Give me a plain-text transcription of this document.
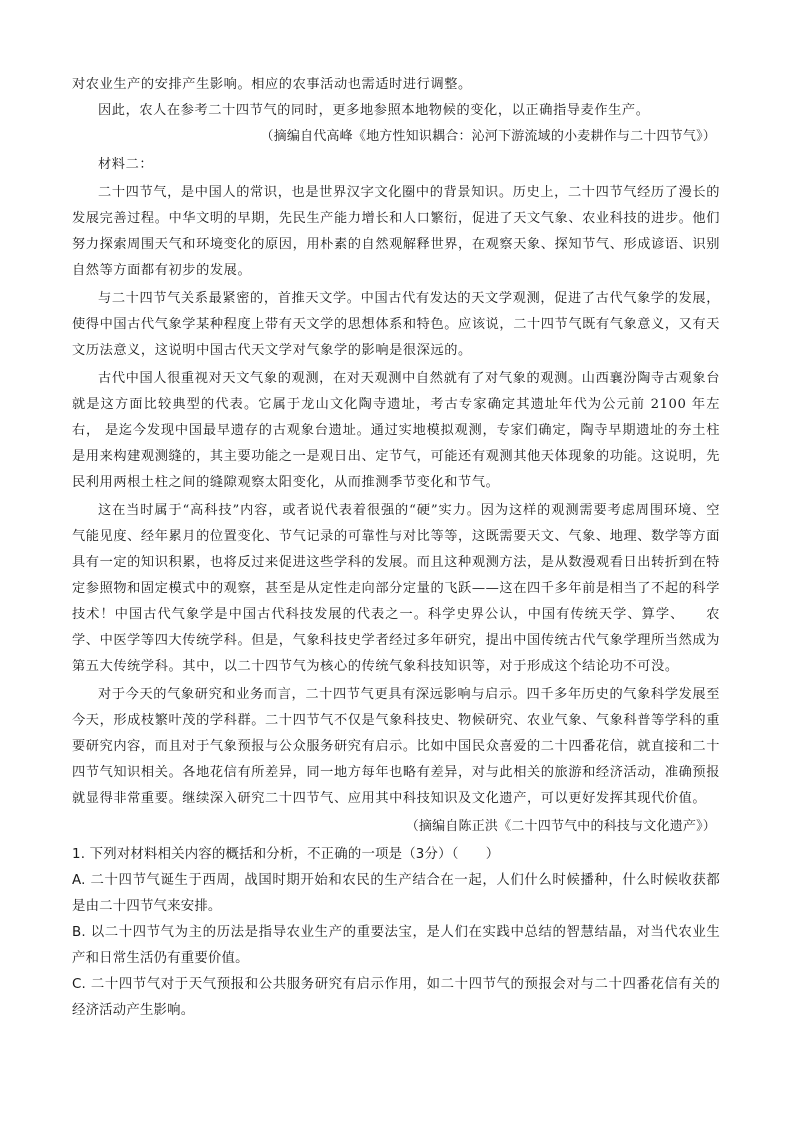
对农业生产的安排产生影响。相应的农事活动也需适时进行调整。

因此，农人在参考二十四节气的同时，更多地参照本地物候的变化，以正确指导麦作生产。

（摘编自代高峰《地方性知识耦合：沁河下游流域的小麦耕作与二十四节气》）

材料二：

二十四节气，是中国人的常识，也是世界汉字文化圈中的背景知识。历史上，二十四节气经历了漫长的发展完善过程。中华文明的早期，先民生产能力增长和人口繁衍，促进了天文气象、农业科技的进步。他们努力探索周围天气和环境变化的原因，用朴素的自然观解释世界，在观察天象、探知节气、形成谚语、识别自然等方面都有初步的发展。

与二十四节气关系最紧密的，首推天文学。中国古代有发达的天文学观测，促进了古代气象学的发展，使得中国古代气象学某种程度上带有天文学的思想体系和特色。应该说，二十四节气既有气象意义，又有天文历法意义，这说明中国古代天文学对气象学的影响是很深远的。

古代中国人很重视对天文气象的观测，在对天观测中自然就有了对气象的观测。山西襄汾陶寺古观象台就是这方面比较典型的代表。它属于龙山文化陶寺遗址，考古专家确定其遗址年代为公元前 2100 年左右， 是迄今发现中国最早遗存的古观象台遗址。通过实地模拟观测，专家们确定，陶寺早期遗址的夯土柱是用来构建观测缝的，其主要功能之一是观日出、定节气，可能还有观测其他天体现象的功能。这说明，先民利用两根土柱之间的缝隙观察太阳变化，从而推测季节变化和节气。

这在当时属于“高科技”内容，或者说代表着很强的“硬”实力。因为这样的观测需要考虑周围环境、空气能见度、经年累月的位置变化、节气记录的可靠性与对比等等，这既需要天文、气象、地理、数学等方面具有一定的知识积累，也将反过来促进这些学科的发展。而且这种观测方法，是从数漫观看日出转折到在特定参照物和固定模式中的观察，甚至是从定性走向部分定量的飞跃——这在四千多年前是相当了不起的科学技术！中国古代气象学是中国古代科技发展的代表之一。科学史界公认，中国有传统天学、算学、　　农学、中医学等四大传统学科。但是，气象科技史学者经过多年研究，提出中国传统古代气象学理所当然成为第五大传统学科。其中，以二十四节气为核心的传统气象科技知识等，对于形成这个结论功不可没。

对于今天的气象研究和业务而言，二十四节气更具有深远影响与启示。四千多年历史的气象科学发展至今天，形成枝繁叶茂的学科群。二十四节气不仅是气象科技史、物候研究、农业气象、气象科普等学科的重要研究内容，而且对于气象预报与公众服务研究有启示。比如中国民众喜爱的二十四番花信，就直接和二十四节气知识相关。各地花信有所差异，同一地方每年也略有差异，对与此相关的旅游和经济活动，准确预报就显得非常重要。继续深入研究二十四节气、应用其中科技知识及文化遗产，可以更好发挥其现代价值。

（摘编自陈正洪《二十四节气中的科技与文化遗产》）

1. 下列对材料相关内容的概括和分析，不正确的一项是（3分）（　　）

A. 二十四节气诞生于西周，战国时期开始和农民的生产结合在一起，人们什么时候播种，什么时候收获都　　是由二十四节气来安排。

B. 以二十四节气为主的历法是指导农业生产的重要法宝，是人们在实践中总结的智慧结晶，对当代农业生　　产和日常生活仍有重要价值。

C. 二十四节气对于天气预报和公共服务研究有启示作用，如二十四节气的预报会对与二十四番花信有关的　　经济活动产生影响。
